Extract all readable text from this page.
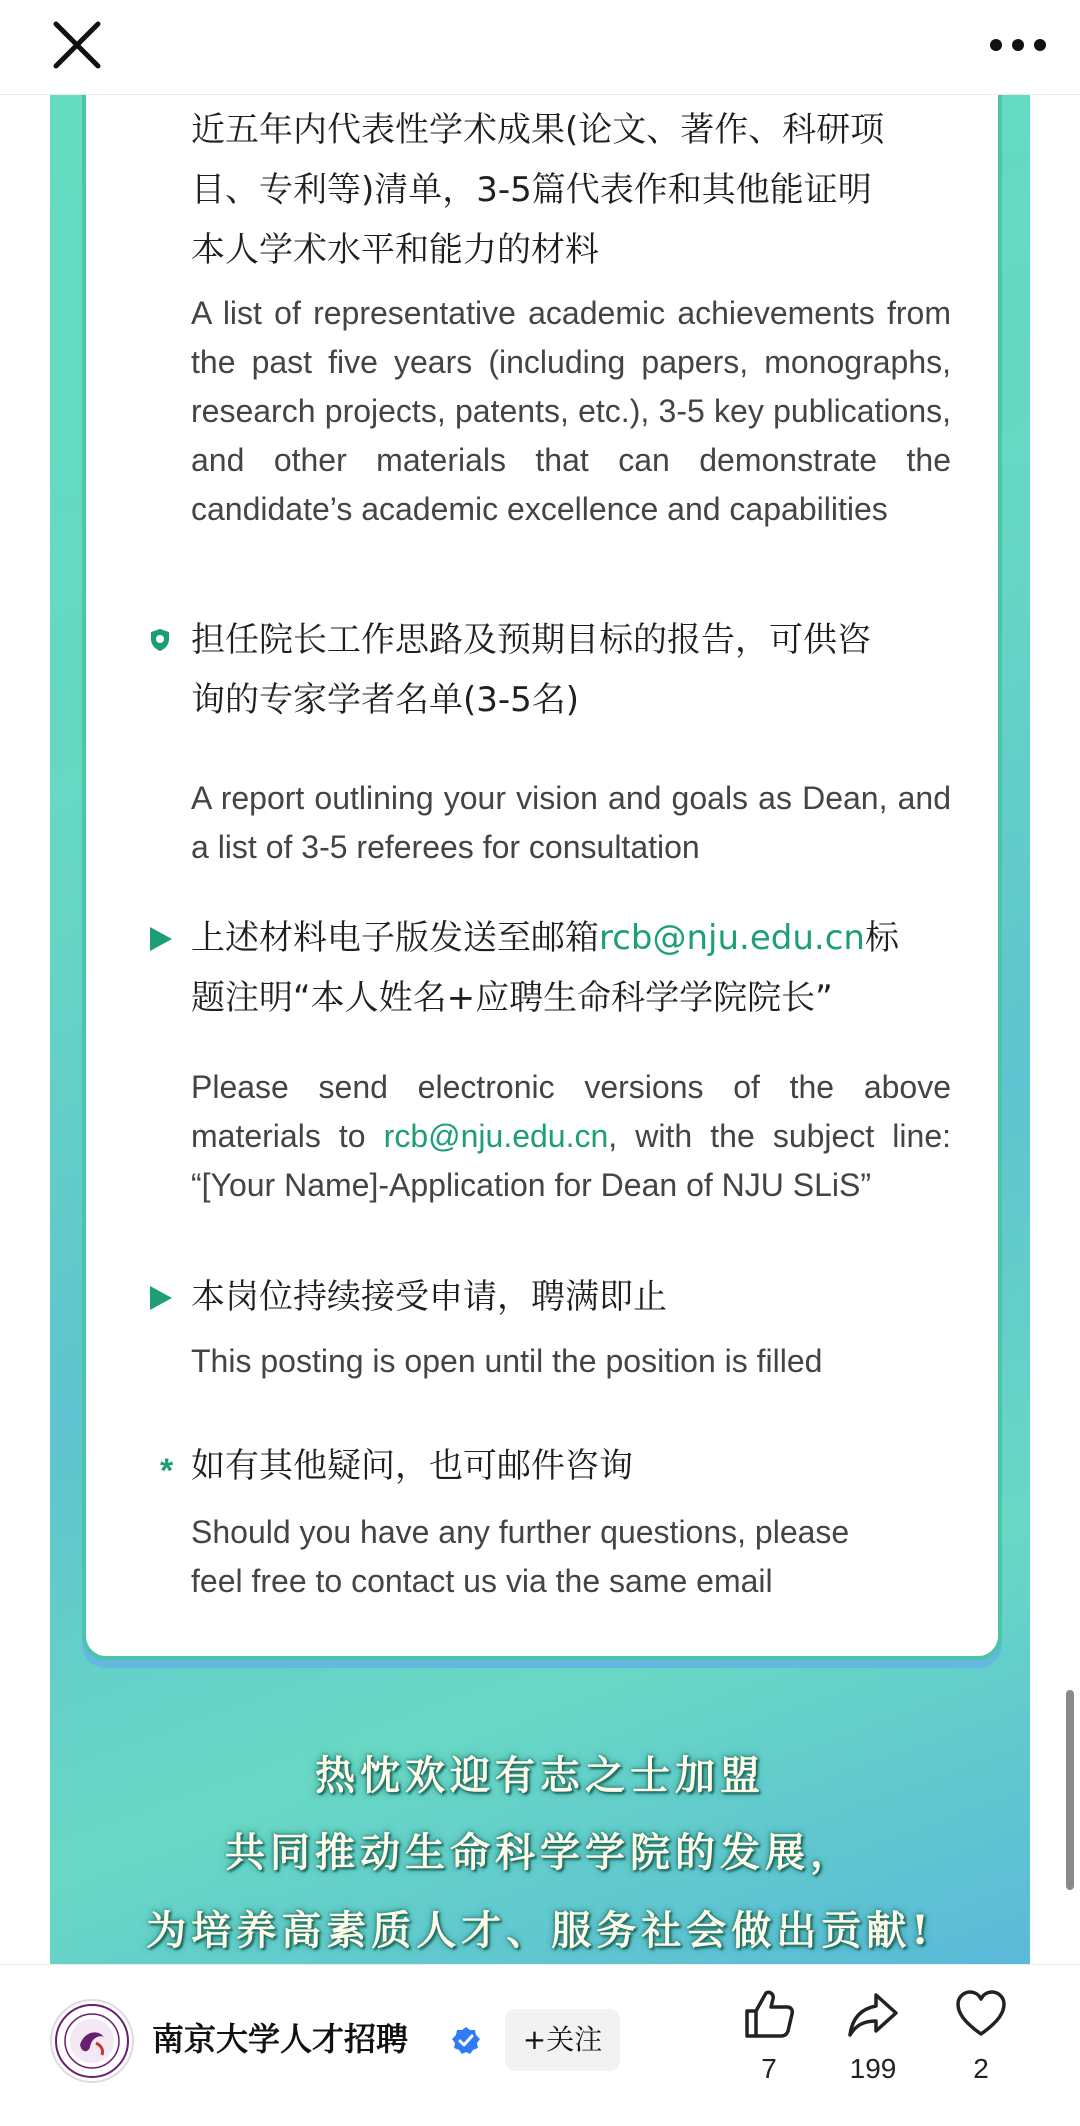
近五年内代表性学术成果(论文、著作、科研项
目、专利等)清单，3-5篇代表作和其他能证明
本人学术水平和能力的材料
A list of representative academic achievements from the past five years (including papers, monographs, research projects, patents, etc.), 3-5 key publications, and other materials that can demonstrate the candidate’s academic excellence and capabilities
担任院长工作思路及预期目标的报告，可供咨
询的专家学者名单(3-5名)
A report outlining your vision and goals as Dean, and a list of 3-5 referees for consultation
上述材料电子版发送至邮箱rcb@nju.edu.cn标
题注明“本人姓名+应聘生命科学学院院长”
Please send electronic versions of the above materials to rcb@nju.edu.cn, with the subject line: “[Your Name]-Application for Dean of NJU SLiS”
本岗位持续接受申请，聘满即止
This posting is open until the position is filled
* 如有其他疑问，也可邮件咨询
Should you have any further questions, please
feel free to contact us via the same email
热忱欢迎有志之士加盟
共同推动生命科学学院的发展，
为培养高素质人才、服务社会做出贡献!
南京大学人才招聘	+关注
7	199	2
